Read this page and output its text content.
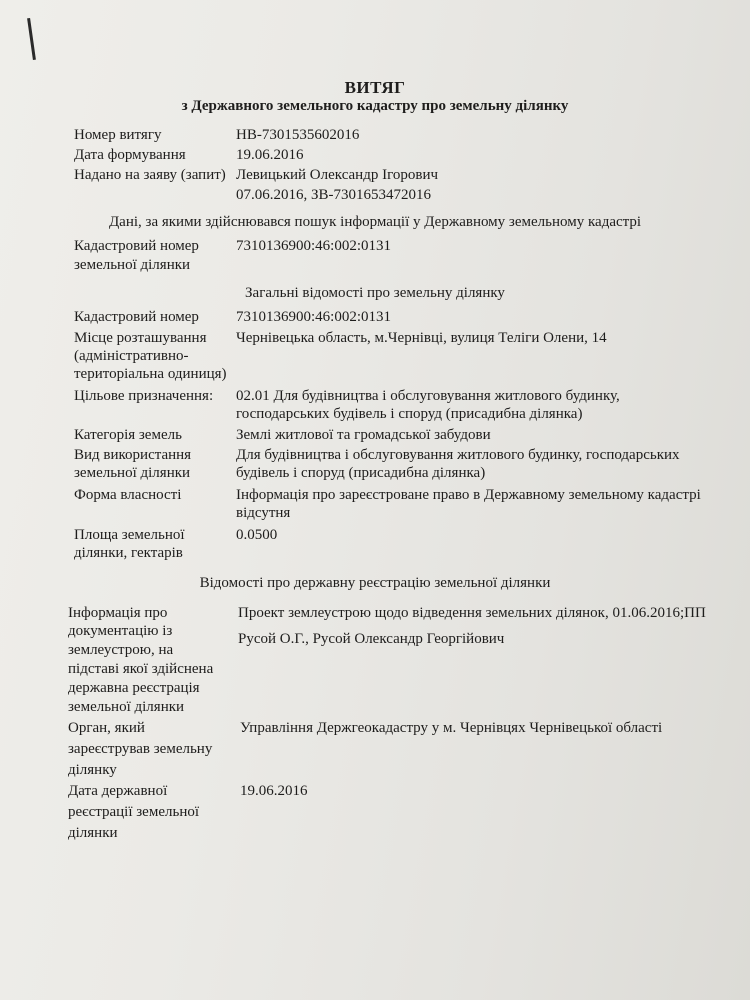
ВИТЯГ
з Державного земельного кадастру про земельну ділянку
Номер витягу	НВ-7301535602016
Дата формування	19.06.2016
Надано на заяву (запит) Левицький Олександр Ігорович
07.06.2016, ЗВ-7301653472016
Дані, за якими здійснювався пошук інформації у Державному земельному кадастрі
Кадастровий номер	7310136900:46:002:0131
земельної ділянки
Загальні відомості про земельну ділянку
Кадастровий номер	7310136900:46:002:0131
Місце розташування	Чернівецька область, м.Чернівці, вулиця Теліги Олени, 14
(адміністративно-
територіальна одиниця)
Цільове призначення:	02.01 Для будівництва і обслуговування житлового будинку,
господарських будівель і споруд (присадибна ділянка)
Категорія земель	Землі житлової та громадської забудови
Вид використання	Для будівництва і обслуговування житлового будинку, господарських
земельної ділянки	будівель і споруд (присадибна ділянка)
Форма власності	Інформація про зареєстроване право в Державному земельному кадастрі
відсутня
Площа земельної	0.0500
ділянки, гектарів
Відомості про державну реєстрацію земельної ділянки
Інформація про	Проект землеустрою щодо відведення земельних ділянок, 01.06.2016;ПП
документацію із	Русой О.Г., Русой Олександр Георгійович
землеустрою, на
підставі якої здійснена
державна реєстрація
земельної ділянки
Орган, який	Управління Держгеокадастру у м. Чернівцях Чернівецької області
зареєстрував земельну
ділянку
Дата державної	19.06.2016
реєстрації земельної
ділянки
